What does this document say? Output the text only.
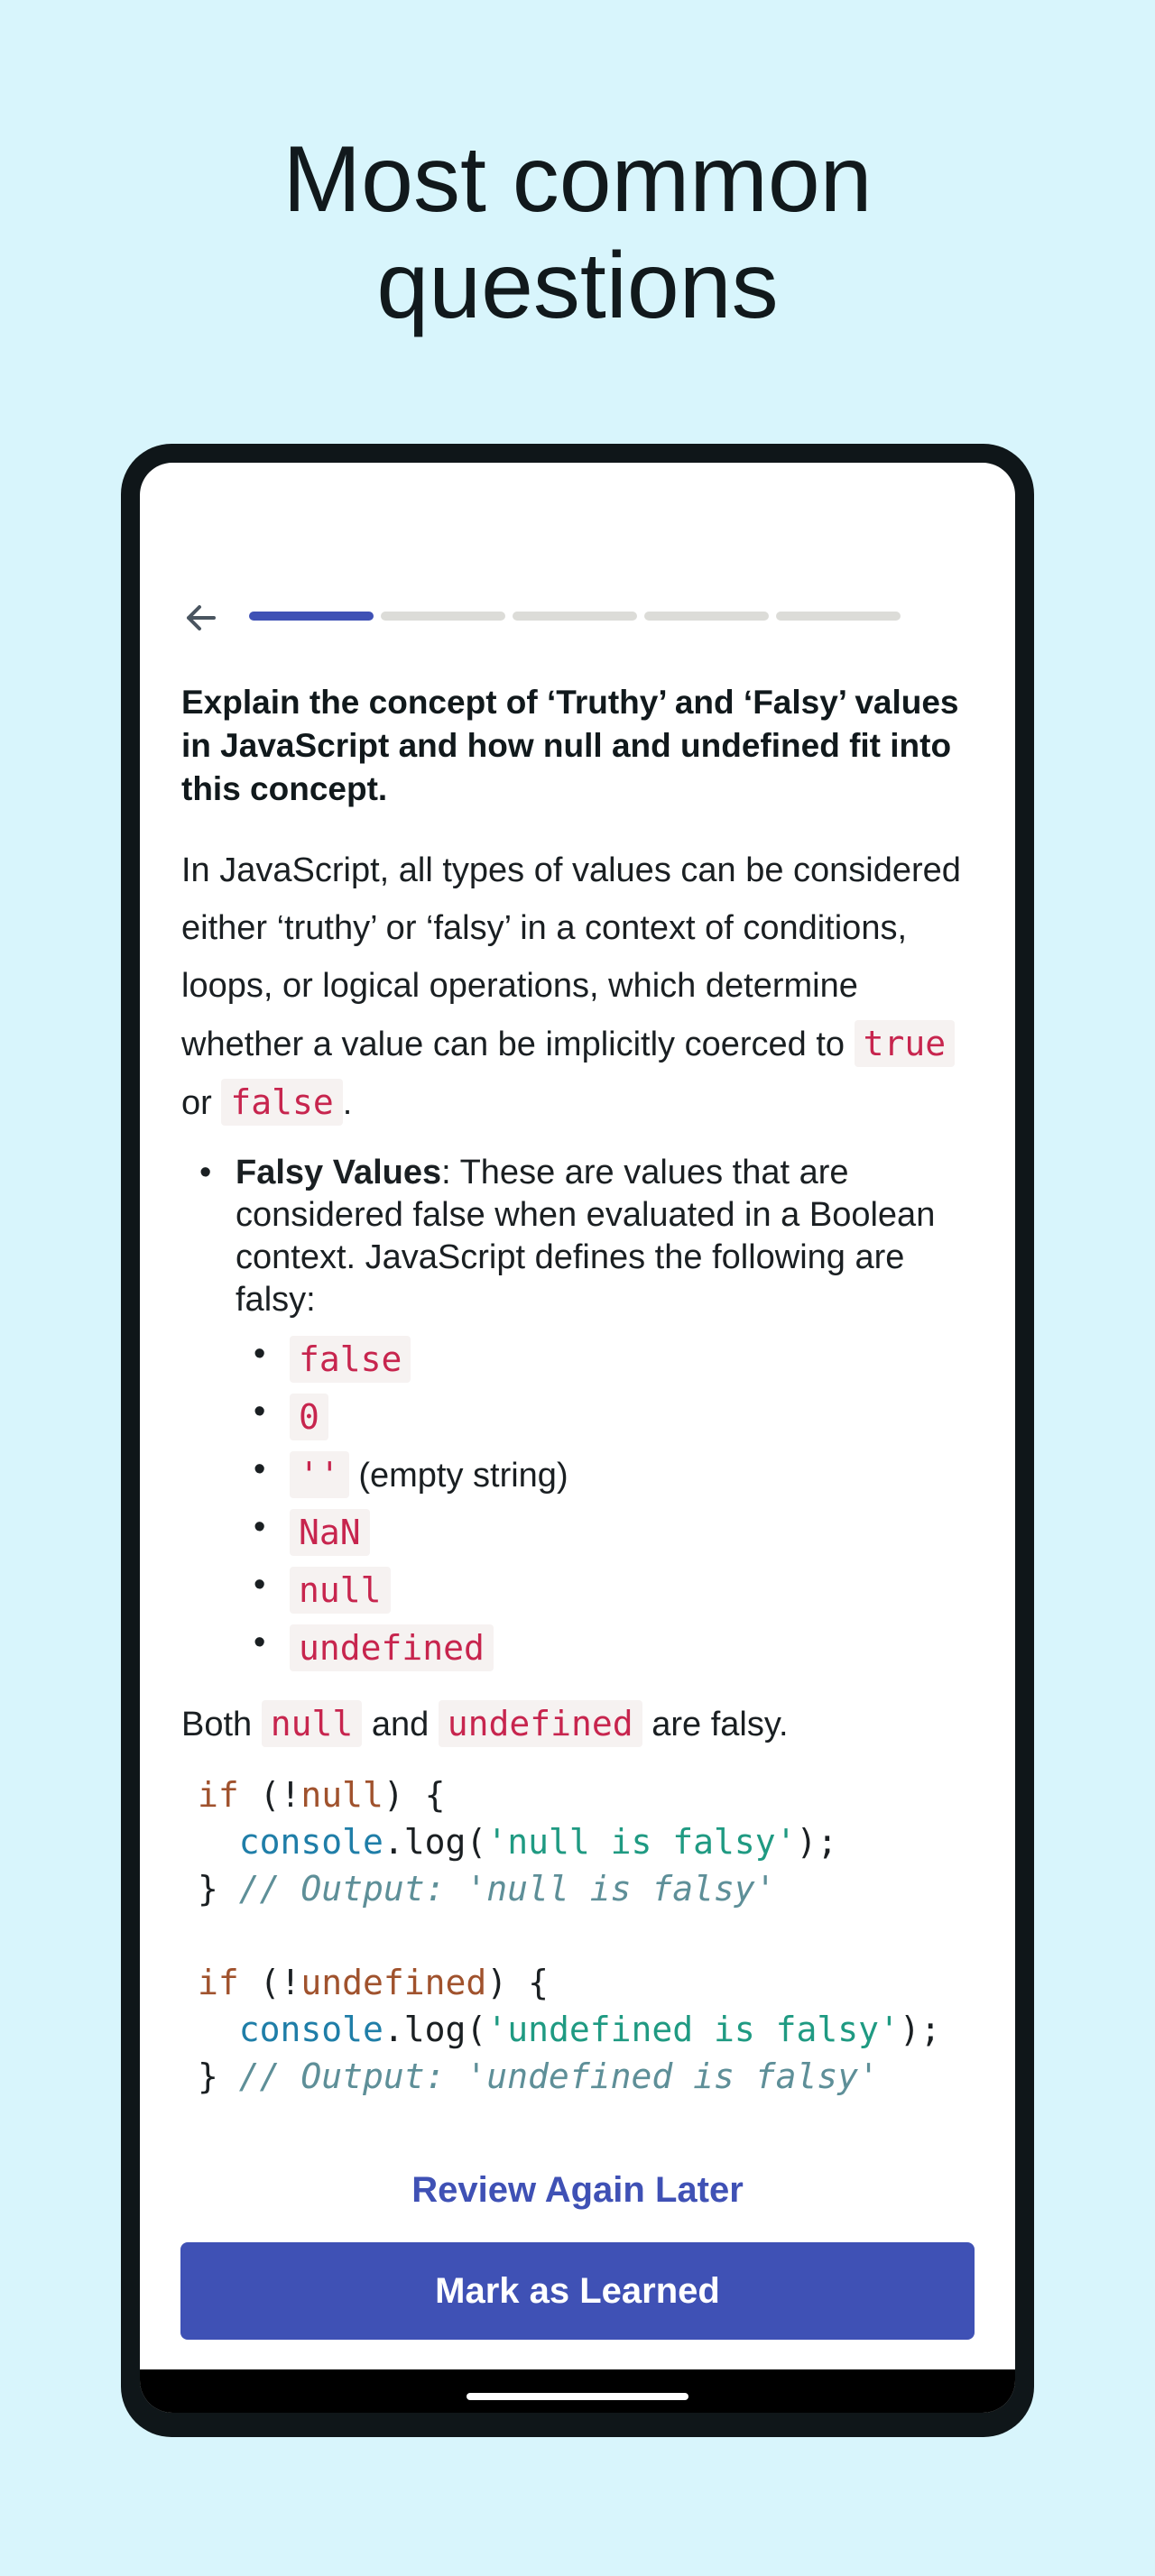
Most common
questions
Explain the concept of ‘Truthy’ and ‘Falsy’ values in JavaScript and how null and undefined fit into this concept.
In JavaScript, all types of values can be considered either ‘truthy’ or ‘falsy’ in a context of conditions, loops, or logical operations, which determine whether a value can be implicitly coerced to true or false .
• Falsy Values: These are values that are considered false when evaluated in a Boolean context. JavaScript defines the following are falsy:
• false
• 0
• '' (empty string)
• NaN
• null
• undefined
Both null and undefined are falsy.
if (!null) {
console.log('null is falsy');
} // Output: 'null is falsy'

if (!undefined) {
console.log('undefined is falsy');
} // Output: 'undefined is falsy'
Review Again Later
Mark as Learned
